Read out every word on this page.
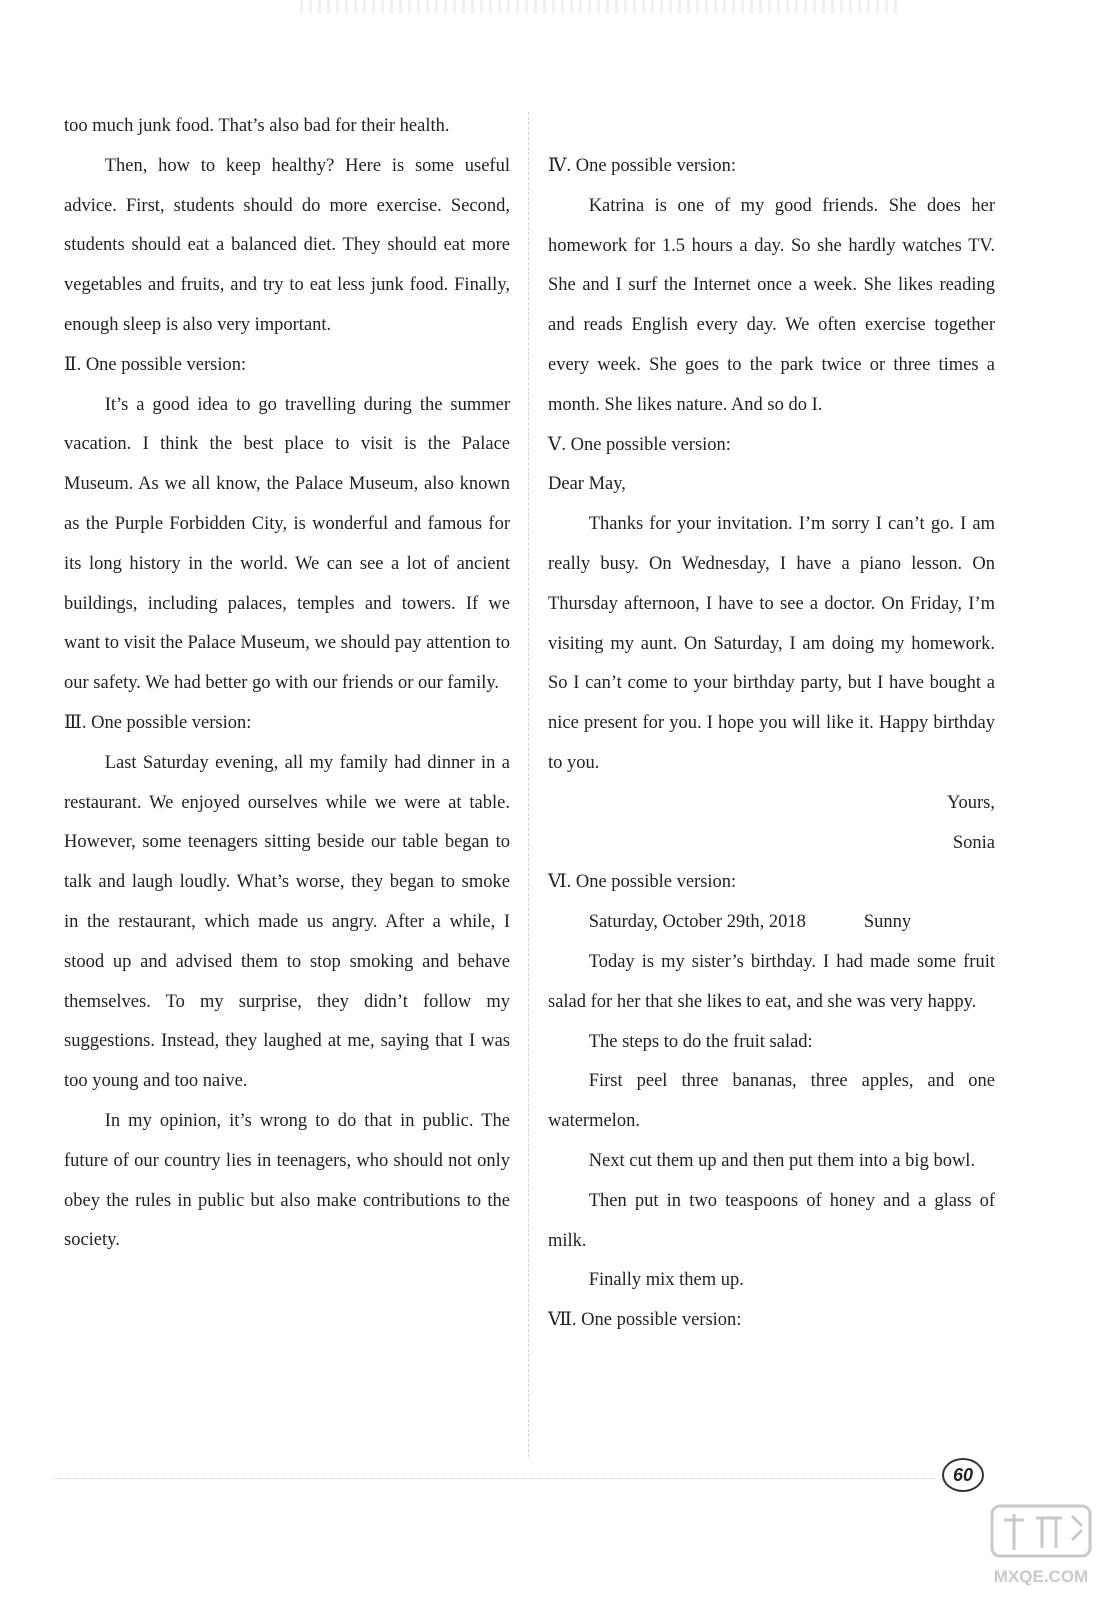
too much junk food. That’s also bad for their health.

Then, how to keep healthy? Here is some useful advice. First, students should do more exercise. Second, students should eat a balanced diet. They should eat more vegetables and fruits, and try to eat less junk food. Finally, enough sleep is also very important.

Ⅱ. One possible version:

It’s a good idea to go travelling during the summer vacation. I think the best place to visit is the Palace Museum. As we all know, the Palace Museum, also known as the Purple Forbidden City, is wonderful and famous for its long history in the world. We can see a lot of ancient buildings, including palaces, temples and towers. If we want to visit the Palace Museum, we should pay attention to our safety. We had better go with our friends or our family.

Ⅲ. One possible version:

Last Saturday evening, all my family had dinner in a restaurant. We enjoyed ourselves while we were at table. However, some teenagers sitting beside our table began to talk and laugh loudly. What’s worse, they began to smoke in the restaurant, which made us angry. After a while, I stood up and advised them to stop smoking and behave themselves. To my surprise, they didn’t follow my suggestions. Instead, they laughed at me, saying that I was too young and too naive.

In my opinion, it’s wrong to do that in public. The future of our country lies in teenagers, who should not only obey the rules in public but also make contributions to the society.

Ⅳ. One possible version:

Katrina is one of my good friends. She does her homework for 1.5 hours a day. So she hardly watches TV. She and I surf the Internet once a week. She likes reading and reads English every day. We often exercise together every week. She goes to the park twice or three times a month. She likes nature. And so do I.

Ⅴ. One possible version:

Dear May,

Thanks for your invitation. I’m sorry I can’t go. I am really busy. On Wednesday, I have a piano lesson. On Thursday afternoon, I have to see a doctor. On Friday, I’m visiting my aunt. On Saturday, I am doing my homework. So I can’t come to your birthday party, but I have bought a nice present for you. I hope you will like it. Happy birthday to you.

Yours,

Sonia

Ⅵ. One possible version:

Saturday, October 29th, 2018	Sunny

Today is my sister’s birthday. I had made some fruit salad for her that she likes to eat, and she was very happy.

The steps to do the fruit salad:

First peel three bananas, three apples, and one watermelon.

Next cut them up and then put them into a big bowl.

Then put in two teaspoons of honey and a glass of milk.

Finally mix them up.

Ⅶ. One possible version:

60
MXQE.COM
